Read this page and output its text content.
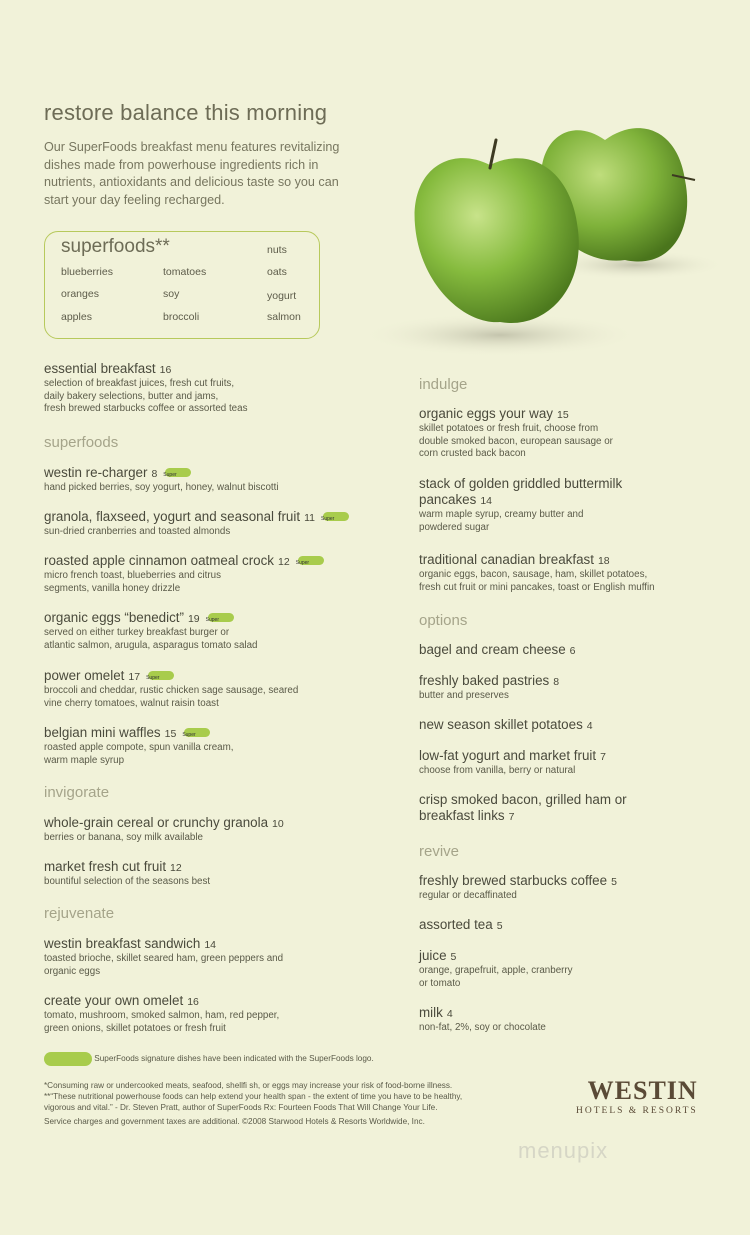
restore balance this morning
Our SuperFoods breakfast menu features revitalizing dishes made from powerhouse ingredients rich in nutrients, antioxidants and delicious taste so you can start your day feeling recharged.
superfoods**
blueberries
oranges
apples
tomatoes
soy
broccoli
nuts
oats
yogurt
salmon
essential breakfast 16
selection of breakfast juices, fresh cut fruits,
daily bakery selections, butter and jams,
fresh brewed starbucks coffee or assorted teas
superfoods
westin re-charger 8Super
hand picked berries, soy yogurt, honey, walnut biscotti
granola, flaxseed, yogurt and seasonal fruit 11Super
sun-dried cranberries and toasted almonds
roasted apple cinnamon oatmeal crock 12Super
micro french toast, blueberries and citrus
segments, vanilla honey drizzle
organic eggs “benedict” 19Super
served on either turkey breakfast burger or
atlantic salmon, arugula, asparagus tomato salad
power omelet 17Super
broccoli and cheddar, rustic chicken sage sausage, seared
vine cherry tomatoes, walnut raisin toast
belgian mini waffles 15Super
roasted apple compote, spun vanilla cream,
warm maple syrup
invigorate
whole-grain cereal or crunchy granola 10
berries or banana, soy milk available
market fresh cut fruit 12
bountiful selection of the seasons best
rejuvenate
westin breakfast sandwich 14
toasted brioche, skillet seared ham, green peppers and
organic eggs
create your own omelet 16
tomato, mushroom, smoked salmon, ham, red pepper,
green onions, skillet potatoes or fresh fruit
indulge
organic eggs your way 15
skillet potatoes or fresh fruit, choose from
double smoked bacon, european sausage or
corn crusted back bacon
stack of golden griddled buttermilk
pancakes 14
warm maple syrup, creamy butter and
powdered sugar
traditional canadian breakfast 18
organic eggs, bacon, sausage, ham, skillet potatoes,
fresh cut fruit or mini pancakes, toast or English muffin
options
bagel and cream cheese 6
freshly baked pastries 8
butter and preserves
new season skillet potatoes 4
low-fat yogurt and market fruit 7
choose from vanilla, berry or natural
crisp smoked bacon, grilled ham or
breakfast links 7
revive
freshly brewed starbucks coffee 5
regular or decaffinated
assorted tea 5
juice 5
orange, grapefruit, apple, cranberry
or tomato
milk 4
non-fat, 2%, soy or chocolate
SuperFoods signature dishes have been indicated with the SuperFoods logo.
*Consuming raw or undercooked meats, seafood, shellfi sh, or eggs may increase your risk of food-borne illness.
**“These nutritional powerhouse foods can help extend your health span - the extent of time you have to be healthy,
vigorous and vital.” - Dr. Steven Pratt, author of SuperFoods Rx: Fourteen Foods That Will Change Your Life.
Service charges and government taxes are additional. ©2008 Starwood Hotels & Resorts Worldwide, Inc.
WESTIN
HOTELS & RESORTS
menupix
